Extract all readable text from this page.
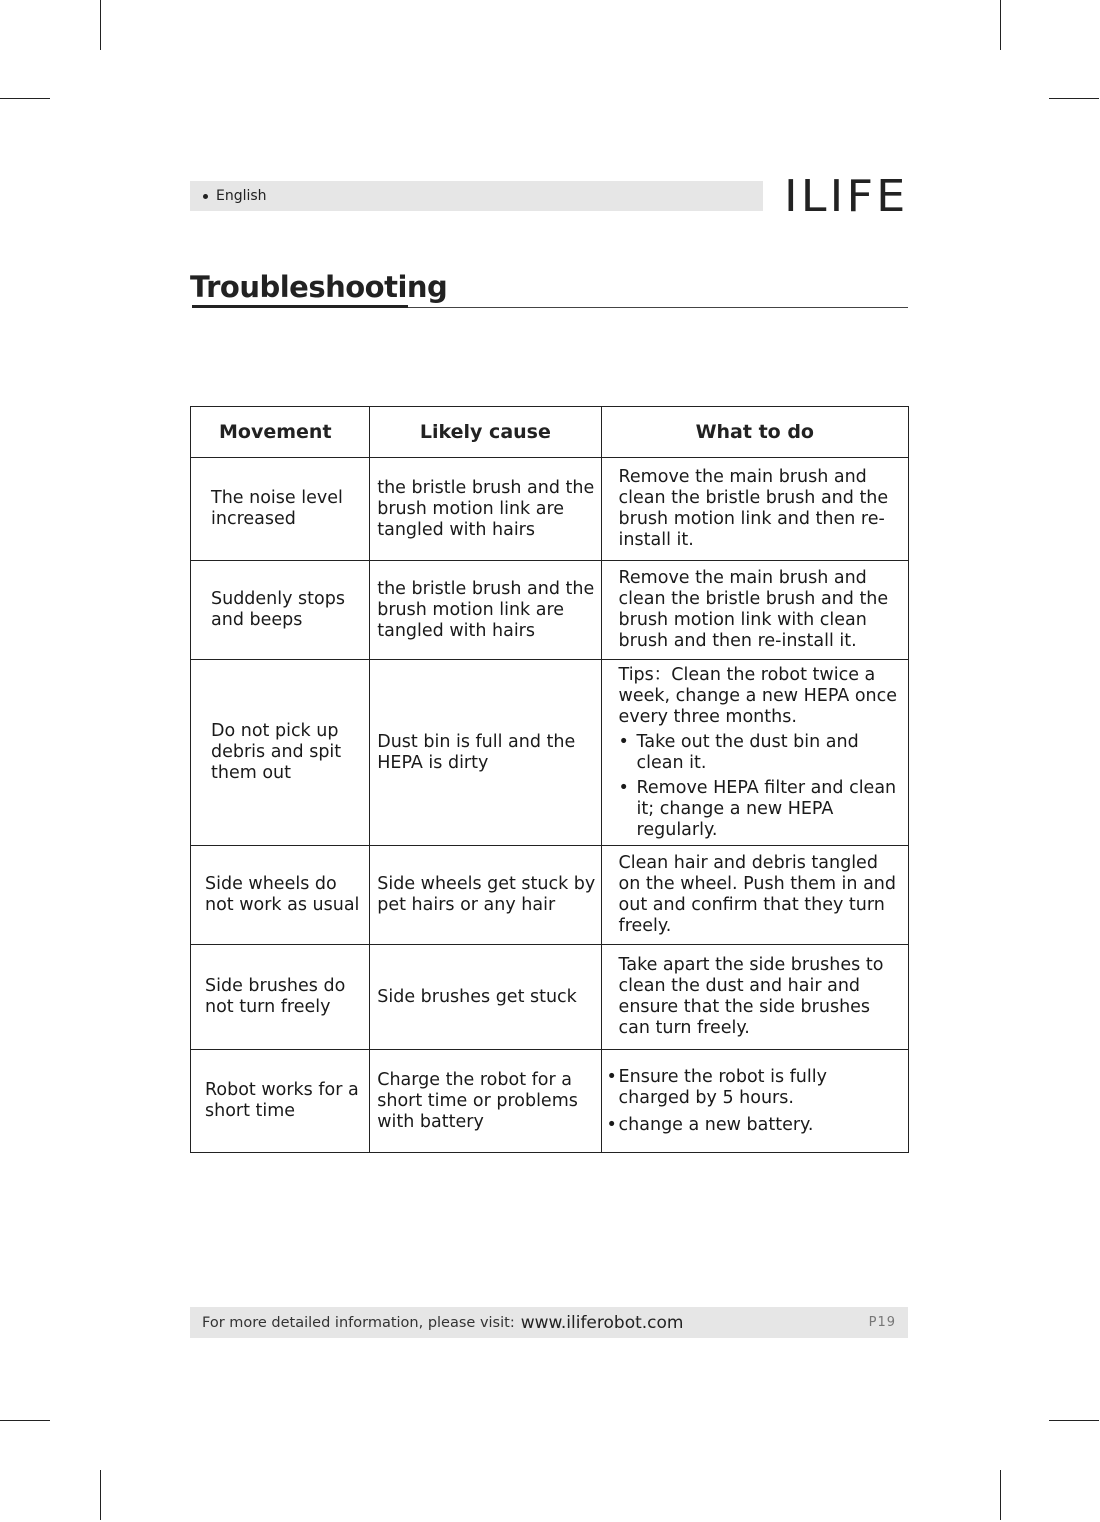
English	ILIFE
Troubleshooting
Movement	Likely cause	What to do
The noise level increased	the bristle brush and the brush motion link are tangled with hairs	Remove the main brush and clean the bristle brush and the brush motion link and then re-install it.
Suddenly stops and beeps	the bristle brush and the brush motion link are tangled with hairs	Remove the main brush and clean the bristle brush and the brush motion link with clean brush and then re-install it.
Do not pick up debris and spit them out	Dust bin is full and the HEPA is dirty	Tips：Clean the robot twice a week, change a new HEPA once every three months.
• Take out the dust bin and clean it.
• Remove HEPA filter and clean it; change a new HEPA regularly.

Side wheels do not work as usual	Side wheels get stuck by pet hairs or any hair	Clean hair and debris tangled on the wheel. Push them in and out and confirm that they turn freely.
Side brushes do not turn freely	Side brushes get stuck	Take apart the side brushes to clean the dust and hair and ensure that the side brushes can turn freely.
Robot works for a short time	Charge the robot for a short time or problems with battery	• Ensure the robot is fully charged by 5 hours.
• change a new battery.
For more detailed information, please visit: www.iliferobot.com	P19
